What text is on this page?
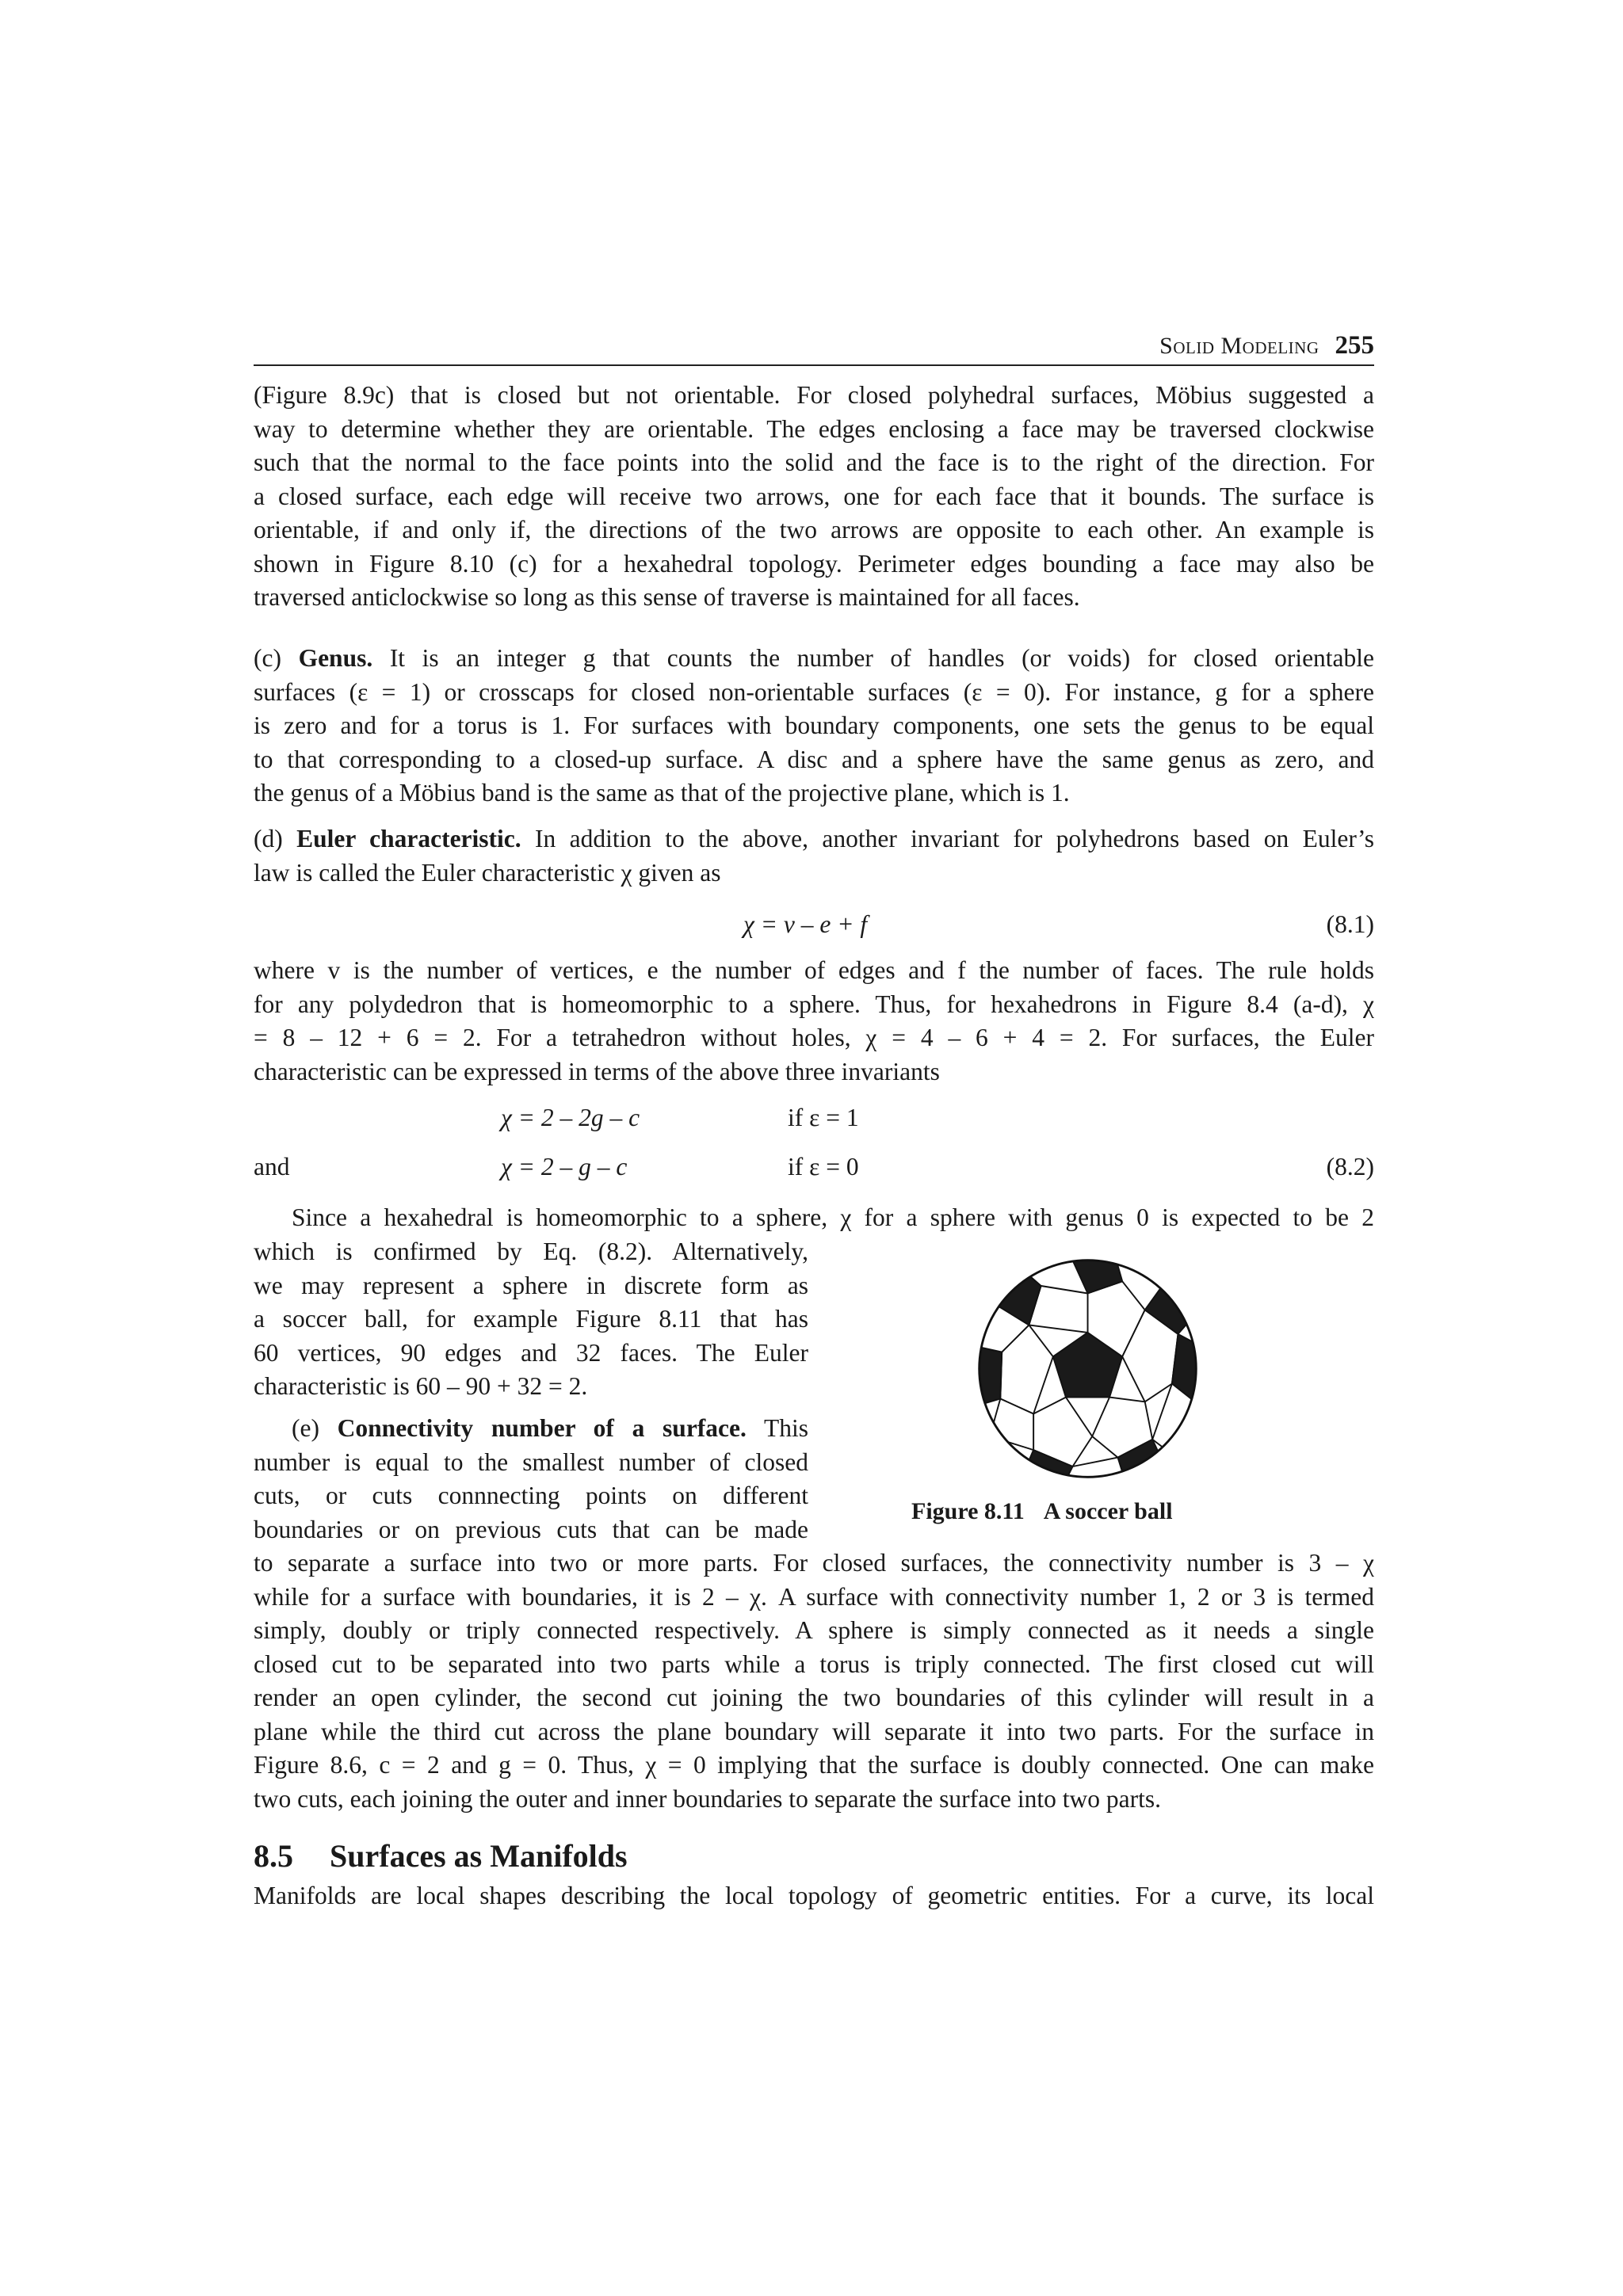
Solid Modeling 255
(Figure 8.9c) that is closed but not orientable. For closed polyhedral surfaces, Möbius suggested a
way to determine whether they are orientable. The edges enclosing a face may be traversed clockwise
such that the normal to the face points into the solid and the face is to the right of the direction. For
a closed surface, each edge will receive two arrows, one for each face that it bounds. The surface is
orientable, if and only if, the directions of the two arrows are opposite to each other. An example is
shown in Figure 8.10 (c) for a hexahedral topology. Perimeter edges bounding a face may also be
traversed anticlockwise so long as this sense of traverse is maintained for all faces.
(c) Genus. It is an integer g that counts the number of handles (or voids) for closed orientable
surfaces (ε = 1) or crosscaps for closed non-orientable surfaces (ε = 0). For instance, g for a sphere
is zero and for a torus is 1. For surfaces with boundary components, one sets the genus to be equal
to that corresponding to a closed-up surface. A disc and a sphere have the same genus as zero, and
the genus of a Möbius band is the same as that of the projective plane, which is 1.
(d) Euler characteristic. In addition to the above, another invariant for polyhedrons based on Euler’s
law is called the Euler characteristic χ given as
χ = v – e + f	(8.1)
where v is the number of vertices, e the number of edges and f the number of faces. The rule holds
for any polydedron that is homeomorphic to a sphere. Thus, for hexahedrons in Figure 8.4 (a-d), χ
= 8 – 12 + 6 = 2. For a tetrahedron without holes, χ = 4 – 6 + 4 = 2. For surfaces, the Euler
characteristic can be expressed in terms of the above three invariants
χ = 2 – 2g – c	if ε = 1
and	χ = 2 – g – c	if ε = 0	(8.2)
Since a hexahedral is homeomorphic to a sphere, χ for a sphere with genus 0 is expected to be 2
which is confirmed by Eq. (8.2). Alternatively,
we may represent a sphere in discrete form as
a soccer ball, for example Figure 8.11 that has
60 vertices, 90 edges and 32 faces. The Euler
characteristic is 60 – 90 + 32 = 2.
(e) Connectivity number of a surface. This
number is equal to the smallest number of closed
cuts, or cuts connnecting points on different
boundaries or on previous cuts that can be made
to separate a surface into two or more parts. For closed surfaces, the connectivity number is 3 – χ
while for a surface with boundaries, it is 2 – χ. A surface with connectivity number 1, 2 or 3 is termed
simply, doubly or triply connected respectively. A sphere is simply connected as it needs a single
closed cut to be separated into two parts while a torus is triply connected. The first closed cut will
render an open cylinder, the second cut joining the two boundaries of this cylinder will result in a
plane while the third cut across the plane boundary will separate it into two parts. For the surface in
Figure 8.6, c = 2 and g = 0. Thus, χ = 0 implying that the surface is doubly connected. One can make
two cuts, each joining the outer and inner boundaries to separate the surface into two parts.
Figure 8.11 A soccer ball
8.5 Surfaces as Manifolds
Manifolds are local shapes describing the local topology of geometric entities. For a curve, its local
